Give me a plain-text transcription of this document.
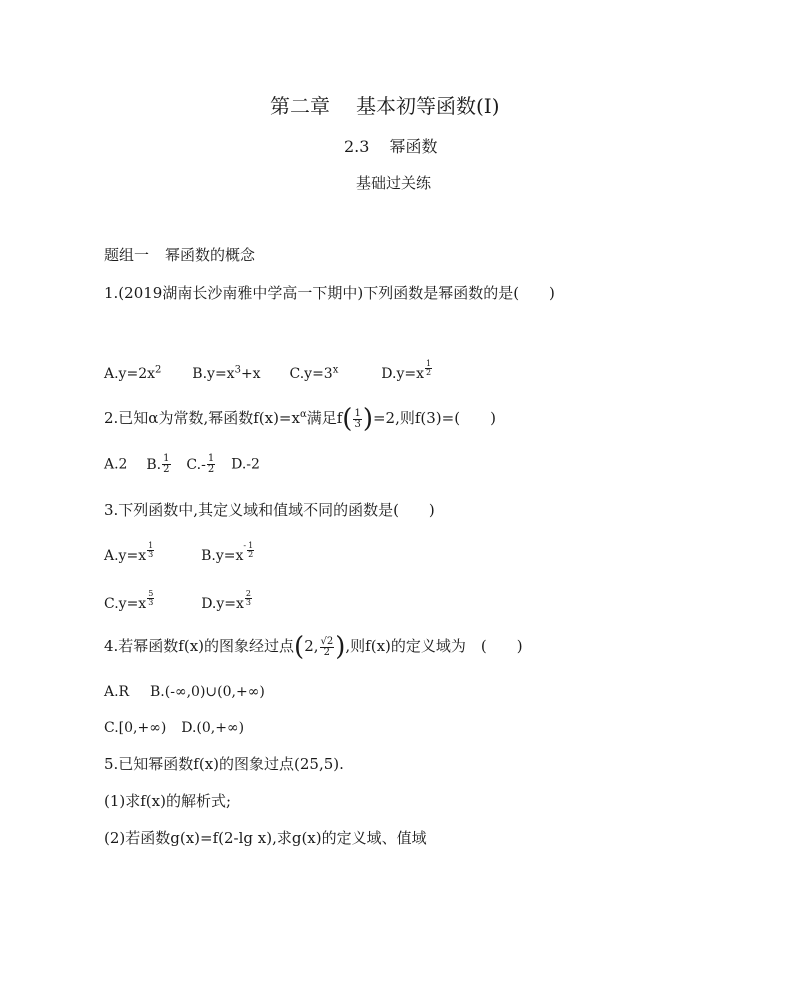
第二章 基本初等函数(Ⅰ)
2.3 幂函数
基础过关练
题组一 幂函数的概念
1.(2019湖南长沙南雅中学高一下期中)下列函数是幂函数的是(　　)
$A.y=2x^2$ $B.y=x^3+x$ $C.y=3^x$	$D.y=x \frac{1}{2}$
2.已知α为常数,幂函数$f(x)=x^\alpha$满足$f( \frac{1}{3} )=2$,则f(3)=(　　)
A.2 B. $\frac{1}{2} C.- \frac{1}{2} D.-2$
3.下列函数中,其定义域和值域不同的函数是(　　)
$A.y=x \frac{1}{3}$	$B.y=x^- \frac{1}{2}$
$C.y=x \frac{5}{3}$	$D.y=x \frac{2}{3}$
4.若幂函数f(x)的图象经过点(2, $\frac{√2}{2}$ ),则f(x)的定义域为　(　　)
A.R B.(-∞,0)∪(0,+∞)
C.[0,+∞) D.(0,+∞)
5.已知幂函数f(x)的图象过点(25,5).
(1)求f(x)的解析式;
(2)若函数g(x)=f(2-lg x),求g(x)的定义域、值域
